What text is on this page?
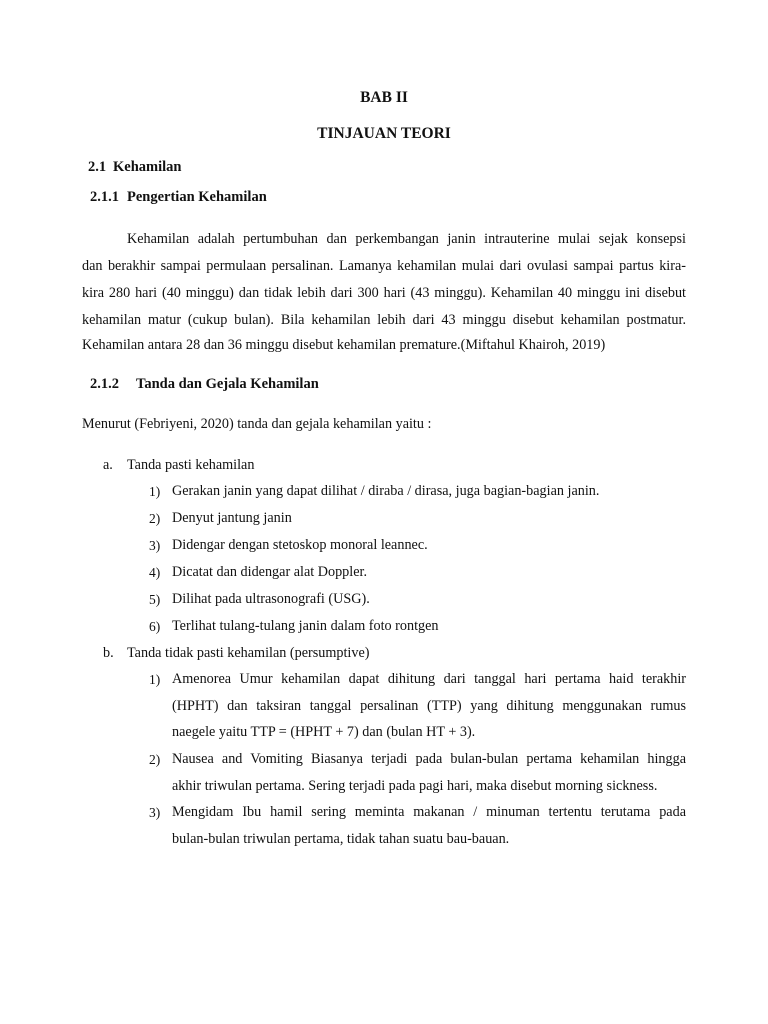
BAB II
TINJAUAN TEORI
2.1 Kehamilan
2.1.1 Pengertian Kehamilan
Kehamilan adalah pertumbuhan dan perkembangan janin intrauterine mulai sejak konsepsi
dan berakhir sampai permulaan persalinan. Lamanya kehamilan mulai dari ovulasi sampai partus kira-
kira 280 hari (40 minggu) dan tidak lebih dari 300 hari (43 minggu). Kehamilan 40 minggu ini disebut
kehamilan matur (cukup bulan). Bila kehamilan lebih dari 43 minggu disebut kehamilan postmatur.
Kehamilan antara 28 dan 36 minggu disebut kehamilan premature.(Miftahul Khairoh, 2019)
2.1.2 Tanda dan Gejala Kehamilan
Menurut (Febriyeni, 2020) tanda dan gejala kehamilan yaitu :
a. Tanda pasti kehamilan
1) Gerakan janin yang dapat dilihat / diraba / dirasa, juga bagian-bagian janin.
2) Denyut jantung janin
3) Didengar dengan stetoskop monoral leannec.
4) Dicatat dan didengar alat Doppler.
5) Dilihat pada ultrasonografi (USG).
6) Terlihat tulang-tulang janin dalam foto rontgen
b. Tanda tidak pasti kehamilan (persumptive)
1) Amenorea Umur kehamilan dapat dihitung dari tanggal hari pertama haid terakhir
(HPHT) dan taksiran tanggal persalinan (TTP) yang dihitung menggunakan rumus
naegele yaitu TTP = (HPHT + 7) dan (bulan HT + 3).
2) Nausea and Vomiting Biasanya terjadi pada bulan-bulan pertama kehamilan hingga
akhir triwulan pertama. Sering terjadi pada pagi hari, maka disebut morning sickness.
3) Mengidam Ibu hamil sering meminta makanan / minuman tertentu terutama pada
bulan-bulan triwulan pertama, tidak tahan suatu bau-bauan.
